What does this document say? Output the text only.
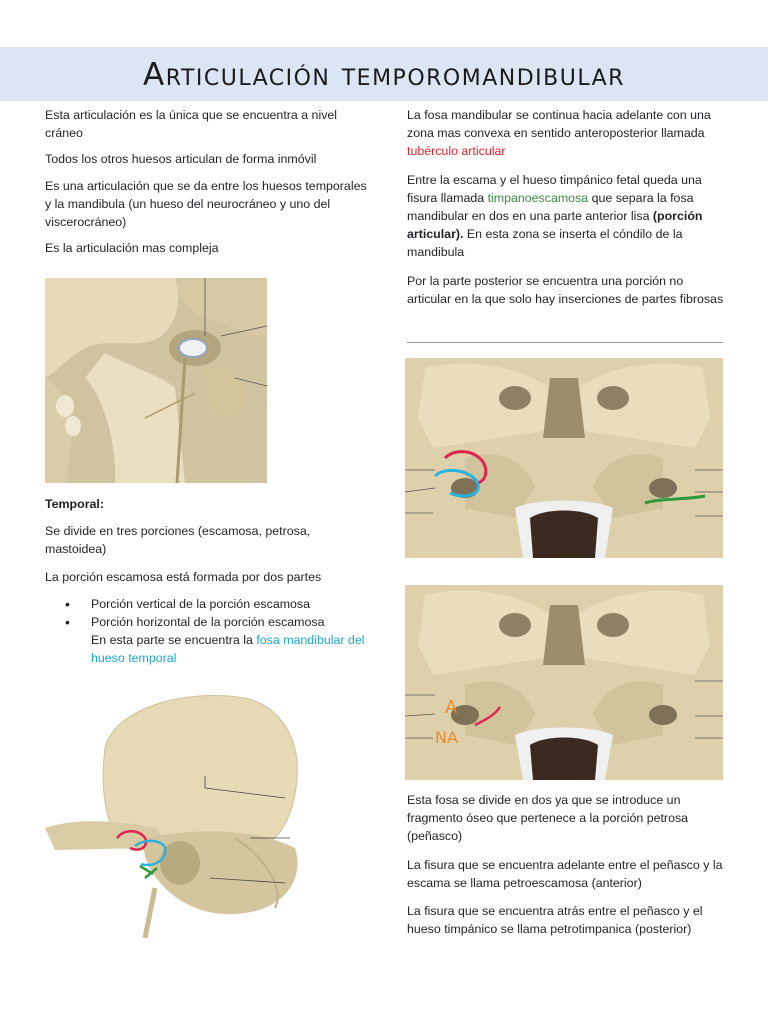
Articulación temporomandibular

Esta articulación es la única que se encuentra a nivel cráneo

Todos los otros huesos articulan de forma inmóvil

Es una articulación que se da entre los huesos temporales y la mandibula (un hueso del neurocráneo y uno del viscerocráneo)

Es la articulación mas compleja

Temporal:

Se divide en tres porciones (escamosa, petrosa, mastoidea)

La porción escamosa está formada por dos partes

• Porción vertical de la porción escamosa
• Porción horizontal de la porción escamosa
En esta parte se encuentra la fosa mandibular del hueso temporal

La fosa mandibular se continua hacia adelante con una zona mas convexa en sentido anteroposterior llamada tubérculo articular

Entre la escama y el hueso timpánico fetal queda una fisura llamada timpanoescamosa que separa la fosa mandibular en dos en una parte anterior lisa (porción articular). En esta zona se inserta el cóndilo de la mandibula

Por la parte posterior se encuentra una porción no articular en la que solo hay inserciones de partes fibrosas

A
NA

Esta fosa se divide en dos ya que se introduce un fragmento óseo que pertenece a la porción petrosa (peñasco)

La fisura que se encuentra adelante entre el peñasco y la escama se llama petroescamosa (anterior)

La fisura que se encuentra atrás entre el peñasco y el hueso timpánico se llama petrotimpanica (posterior)
